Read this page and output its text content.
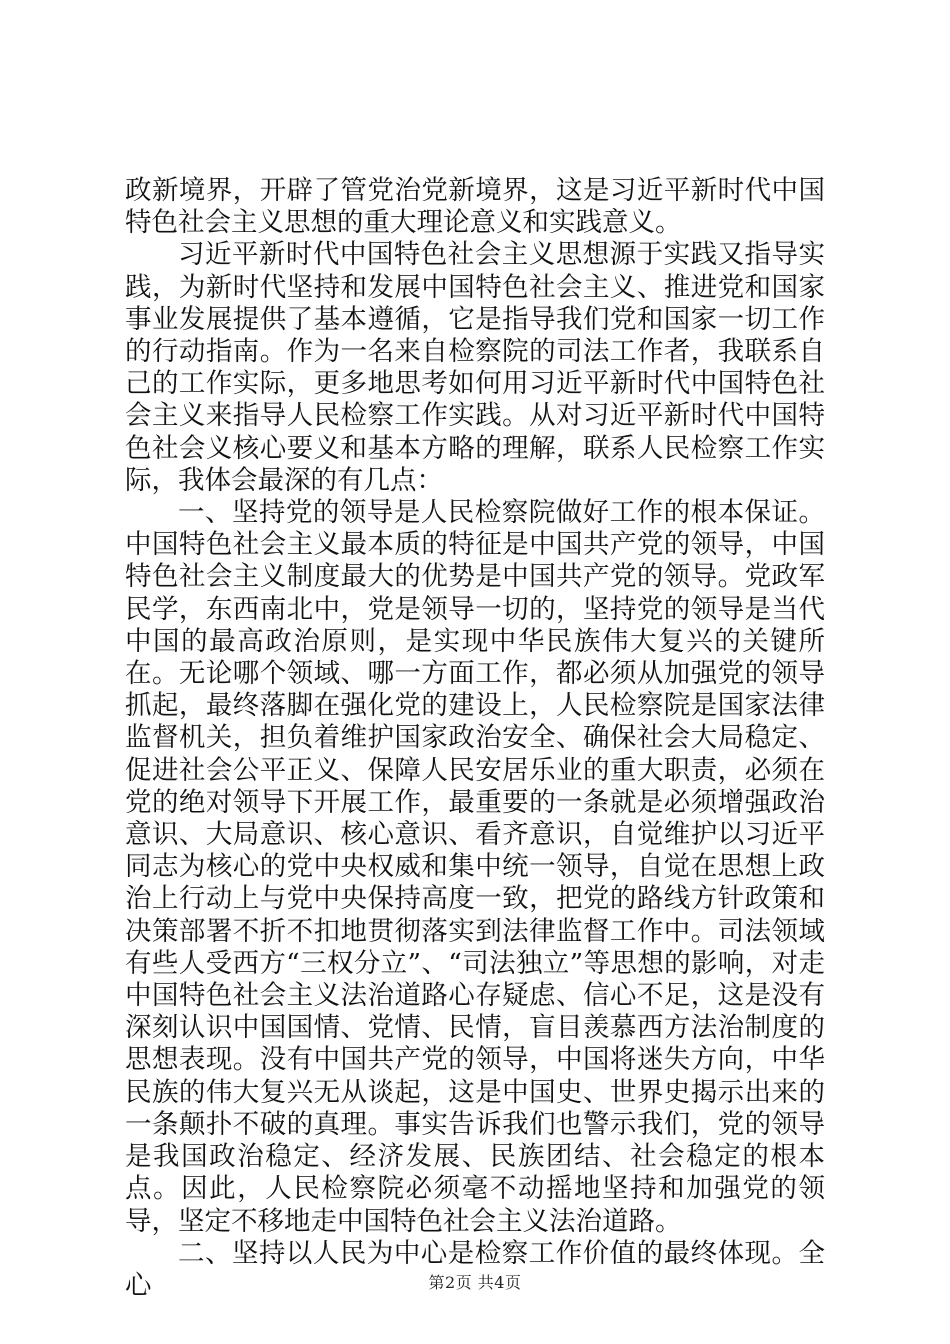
政新境界，开辟了管党治党新境界，这是习近平新时代中国特色社会主义思想的重大理论意义和实践意义。

习近平新时代中国特色社会主义思想源于实践又指导实践，为新时代坚持和发展中国特色社会主义、推进党和国家事业发展提供了基本遵循，它是指导我们党和国家一切工作的行动指南。作为一名来自检察院的司法工作者，我联系自己的工作实际，更多地思考如何用习近平新时代中国特色社会主义来指导人民检察工作实践。从对习近平新时代中国特色社会义核心要义和基本方略的理解，联系人民检察工作实际，我体会最深的有几点：

一、坚持党的领导是人民检察院做好工作的根本保证。中国特色社会主义最本质的特征是中国共产党的领导，中国特色社会主义制度最大的优势是中国共产党的领导。党政军民学，东西南北中，党是领导一切的，坚持党的领导是当代中国的最高政治原则，是实现中华民族伟大复兴的关键所在。无论哪个领域、哪一方面工作，都必须从加强党的领导抓起，最终落脚在强化党的建设上，人民检察院是国家法律监督机关，担负着维护国家政治安全、确保社会大局稳定、促进社会公平正义、保障人民安居乐业的重大职责，必须在党的绝对领导下开展工作，最重要的一条就是必须增强政治意识、大局意识、核心意识、看齐意识，自觉维护以习近平同志为核心的党中央权威和集中统一领导，自觉在思想上政治上行动上与党中央保持高度一致，把党的路线方针政策和决策部署不折不扣地贯彻落实到法律监督工作中。司法领域有些人受西方“三权分立”、“司法独立”等思想的影响，对走中国特色社会主义法治道路心存疑虑、信心不足，这是没有深刻认识中国国情、党情、民情，盲目羡慕西方法治制度的思想表现。没有中国共产党的领导，中国将迷失方向，中华民族的伟大复兴无从谈起，这是中国史、世界史揭示出来的一条颠扑不破的真理。事实告诉我们也警示我们，党的领导是我国政治稳定、经济发展、民族团结、社会稳定的根本点。因此，人民检察院必须毫不动摇地坚持和加强党的领导，坚定不移地走中国特色社会主义法治道路。

二、坚持以人民为中心是检察工作价值的最终体现。全心	第2页 共4页
